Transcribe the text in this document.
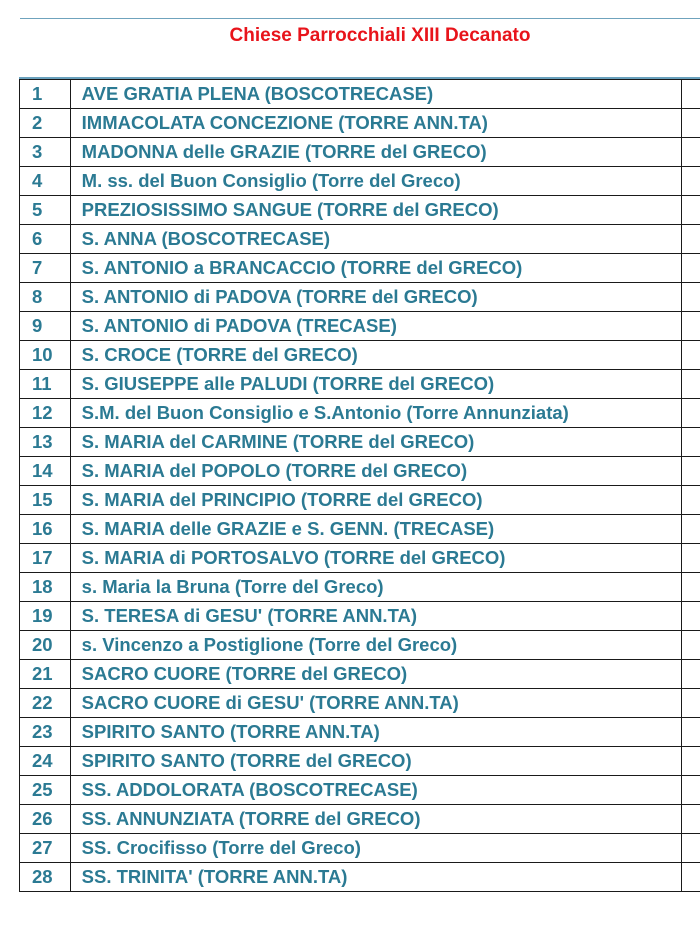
Chiese Parrocchiali XIII Decanato
1	AVE GRATIA PLENA (BOSCOTRECASE)	
2	IMMACOLATA CONCEZIONE (TORRE ANN.TA)	
3	MADONNA delle GRAZIE (TORRE del GRECO)	
4	M. ss. del Buon Consiglio (Torre del Greco)	
5	PREZIOSISSIMO SANGUE (TORRE del GRECO)	
6	S. ANNA (BOSCOTRECASE)	
7	S. ANTONIO a BRANCACCIO (TORRE del GRECO)	
8	S. ANTONIO di PADOVA (TORRE del GRECO)	
9	S. ANTONIO di PADOVA (TRECASE)	
10	S. CROCE (TORRE del GRECO)	
11	S. GIUSEPPE alle PALUDI (TORRE del GRECO)	
12	S.M. del Buon Consiglio e S.Antonio (Torre Annunziata)	
13	S. MARIA del CARMINE (TORRE del GRECO)	
14	S. MARIA del POPOLO (TORRE del GRECO)	
15	S. MARIA del PRINCIPIO (TORRE del GRECO)	
16	S. MARIA delle GRAZIE e S. GENN. (TRECASE)	
17	S. MARIA di PORTOSALVO (TORRE del GRECO)	
18	s. Maria la Bruna (Torre del Greco)	
19	S. TERESA di GESU' (TORRE ANN.TA)	
20	s. Vincenzo a Postiglione (Torre del Greco)	
21	SACRO CUORE (TORRE del GRECO)	
22	SACRO CUORE di GESU' (TORRE ANN.TA)	
23	SPIRITO SANTO (TORRE ANN.TA)	
24	SPIRITO SANTO (TORRE del GRECO)	
25	SS. ADDOLORATA (BOSCOTRECASE)	
26	SS. ANNUNZIATA (TORRE del GRECO)	
27	SS. Crocifisso (Torre del Greco)	
28	SS. TRINITA' (TORRE ANN.TA)	
